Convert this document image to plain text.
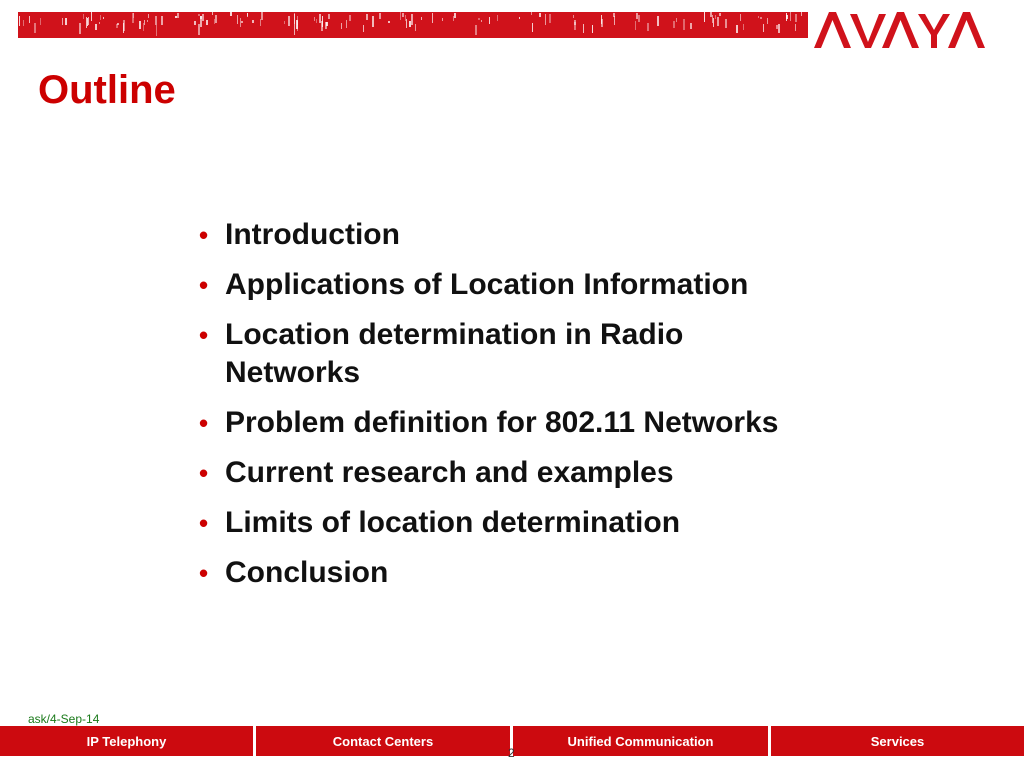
Outline
• Introduction
• Applications of Location Information
• Location determination in Radio Networks
• Problem definition for 802.11 Networks
• Current research and examples
• Limits of location determination
• Conclusion
ask/4-Sep-14
IP Telephony	Contact Centers	Unified Communication	Services
2
